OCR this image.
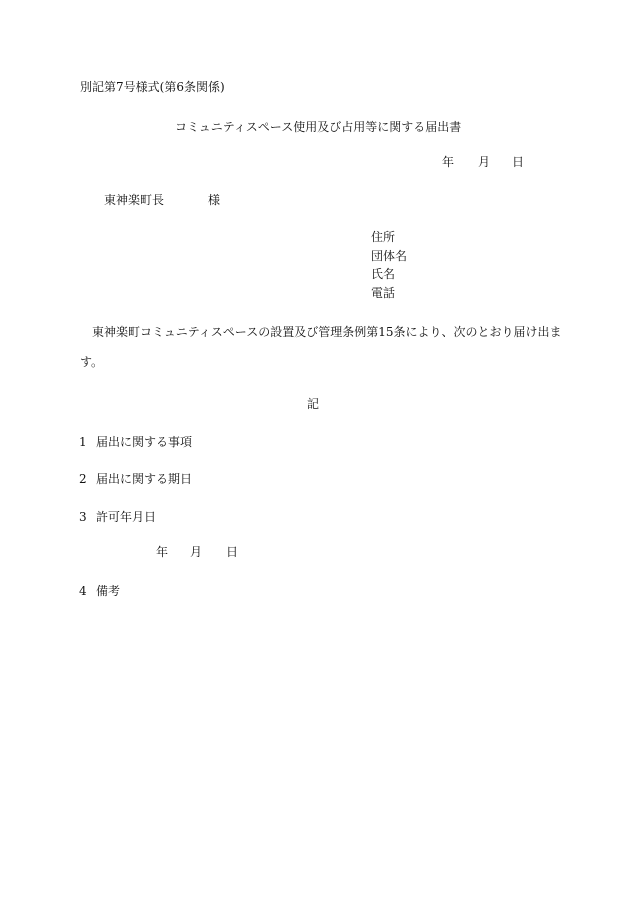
別記第7号様式(第6条関係)
コミュニティスペース使用及び占用等に関する届出書
年 月 日
東神楽町長	様
住所
団体名
氏名
電話
東神楽町コミュニティスペースの設置及び管理条例第15条により、次のとおり届け出ま
す。
記
1 届出に関する事項
2 届出に関する期日
3 許可年月日
年 月 日
4 備考
